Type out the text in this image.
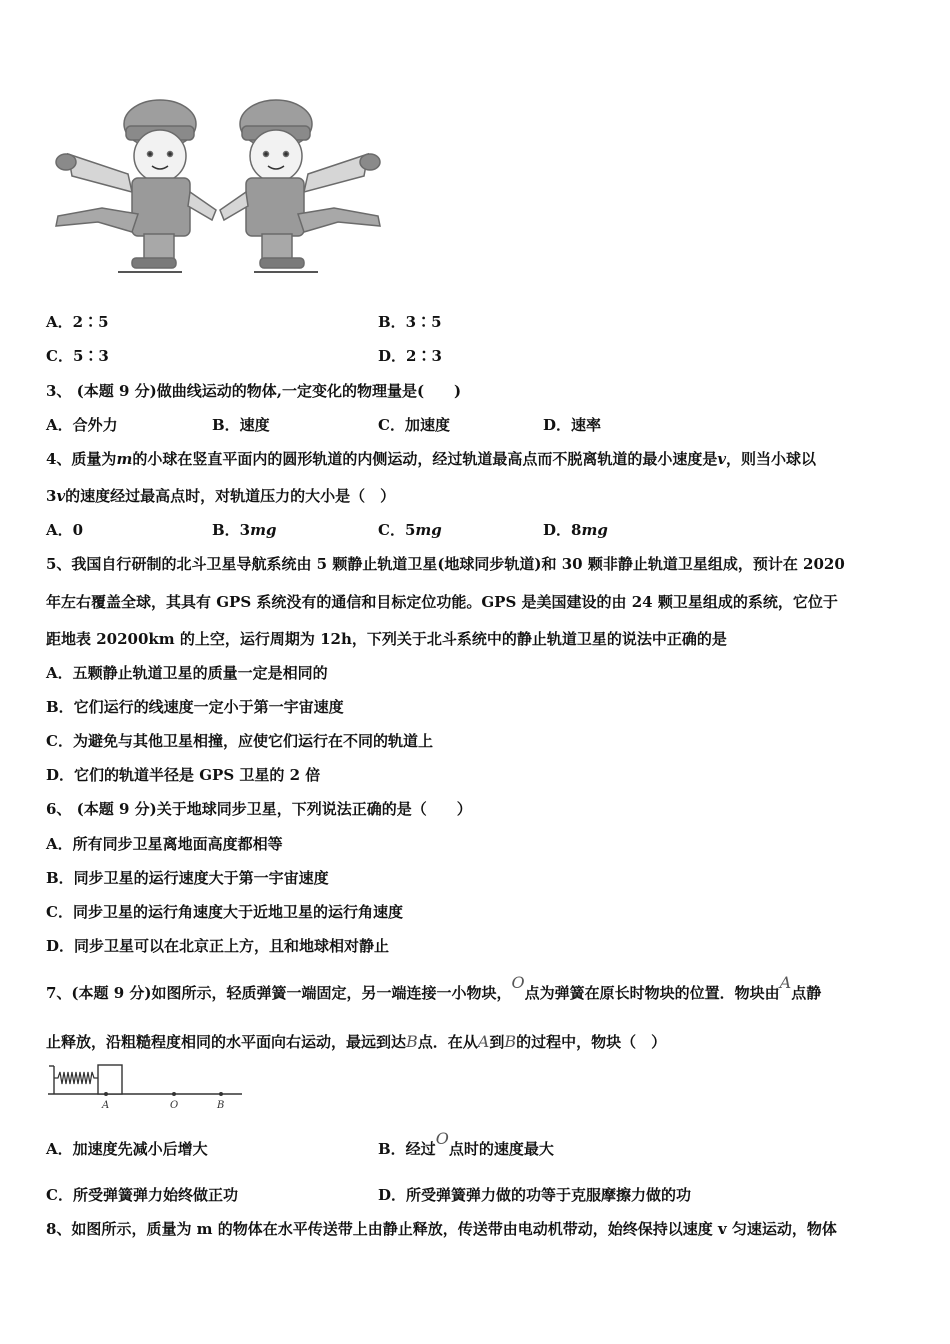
A．2∶5	B．3∶5
C．5∶3	D．2∶3
3、 (本题 9 分)做曲线运动的物体,一定变化的物理量是(　　)
A．合外力	B．速度	C．加速度	D．速率
4、质量为m的小球在竖直平面内的圆形轨道的内侧运动，经过轨道最高点而不脱离轨道的最小速度是v，则当小球以
3v的速度经过最高点时，对轨道压力的大小是（　）
A．0	B．3mg	C．5mg	D．8mg
5、我国自行研制的北斗卫星导航系统由 5 颗静止轨道卫星(地球同步轨道)和 30 颗非静止轨道卫星组成，预计在 2020
年左右覆盖全球，其具有 GPS 系统没有的通信和目标定位功能。GPS 是美国建设的由 24 颗卫星组成的系统，它位于
距地表 20200km 的上空，运行周期为 12h，下列关于北斗系统中的静止轨道卫星的说法中正确的是
A．五颗静止轨道卫星的质量一定是相同的
B．它们运行的线速度一定小于第一宇宙速度
C．为避免与其他卫星相撞，应使它们运行在不同的轨道上
D．它们的轨道半径是 GPS 卫星的 2 倍
6、 (本题 9 分)关于地球同步卫星，下列说法正确的是（　　）
A．所有同步卫星离地面高度都相等
B．同步卫星的运行速度大于第一宇宙速度
C．同步卫星的运行角速度大于近地卫星的运行角速度
D．同步卫星可以在北京正上方，且和地球相对静止
7、(本题 9 分)如图所示，轻质弹簧一端固定，另一端连接一小物块，O点为弹簧在原长时物块的位置．物块由A点静
止释放，沿粗糙程度相同的水平面向右运动，最远到达B点．在从A到B的过程中，物块（　）
A	O	B
A．加速度先减小后增大	B．经过O点时的速度最大
C．所受弹簧弹力始终做正功	D．所受弹簧弹力做的功等于克服摩擦力做的功
8、如图所示，质量为 m 的物体在水平传送带上由静止释放，传送带由电动机带动，始终保持以速度 v 匀速运动，物体
